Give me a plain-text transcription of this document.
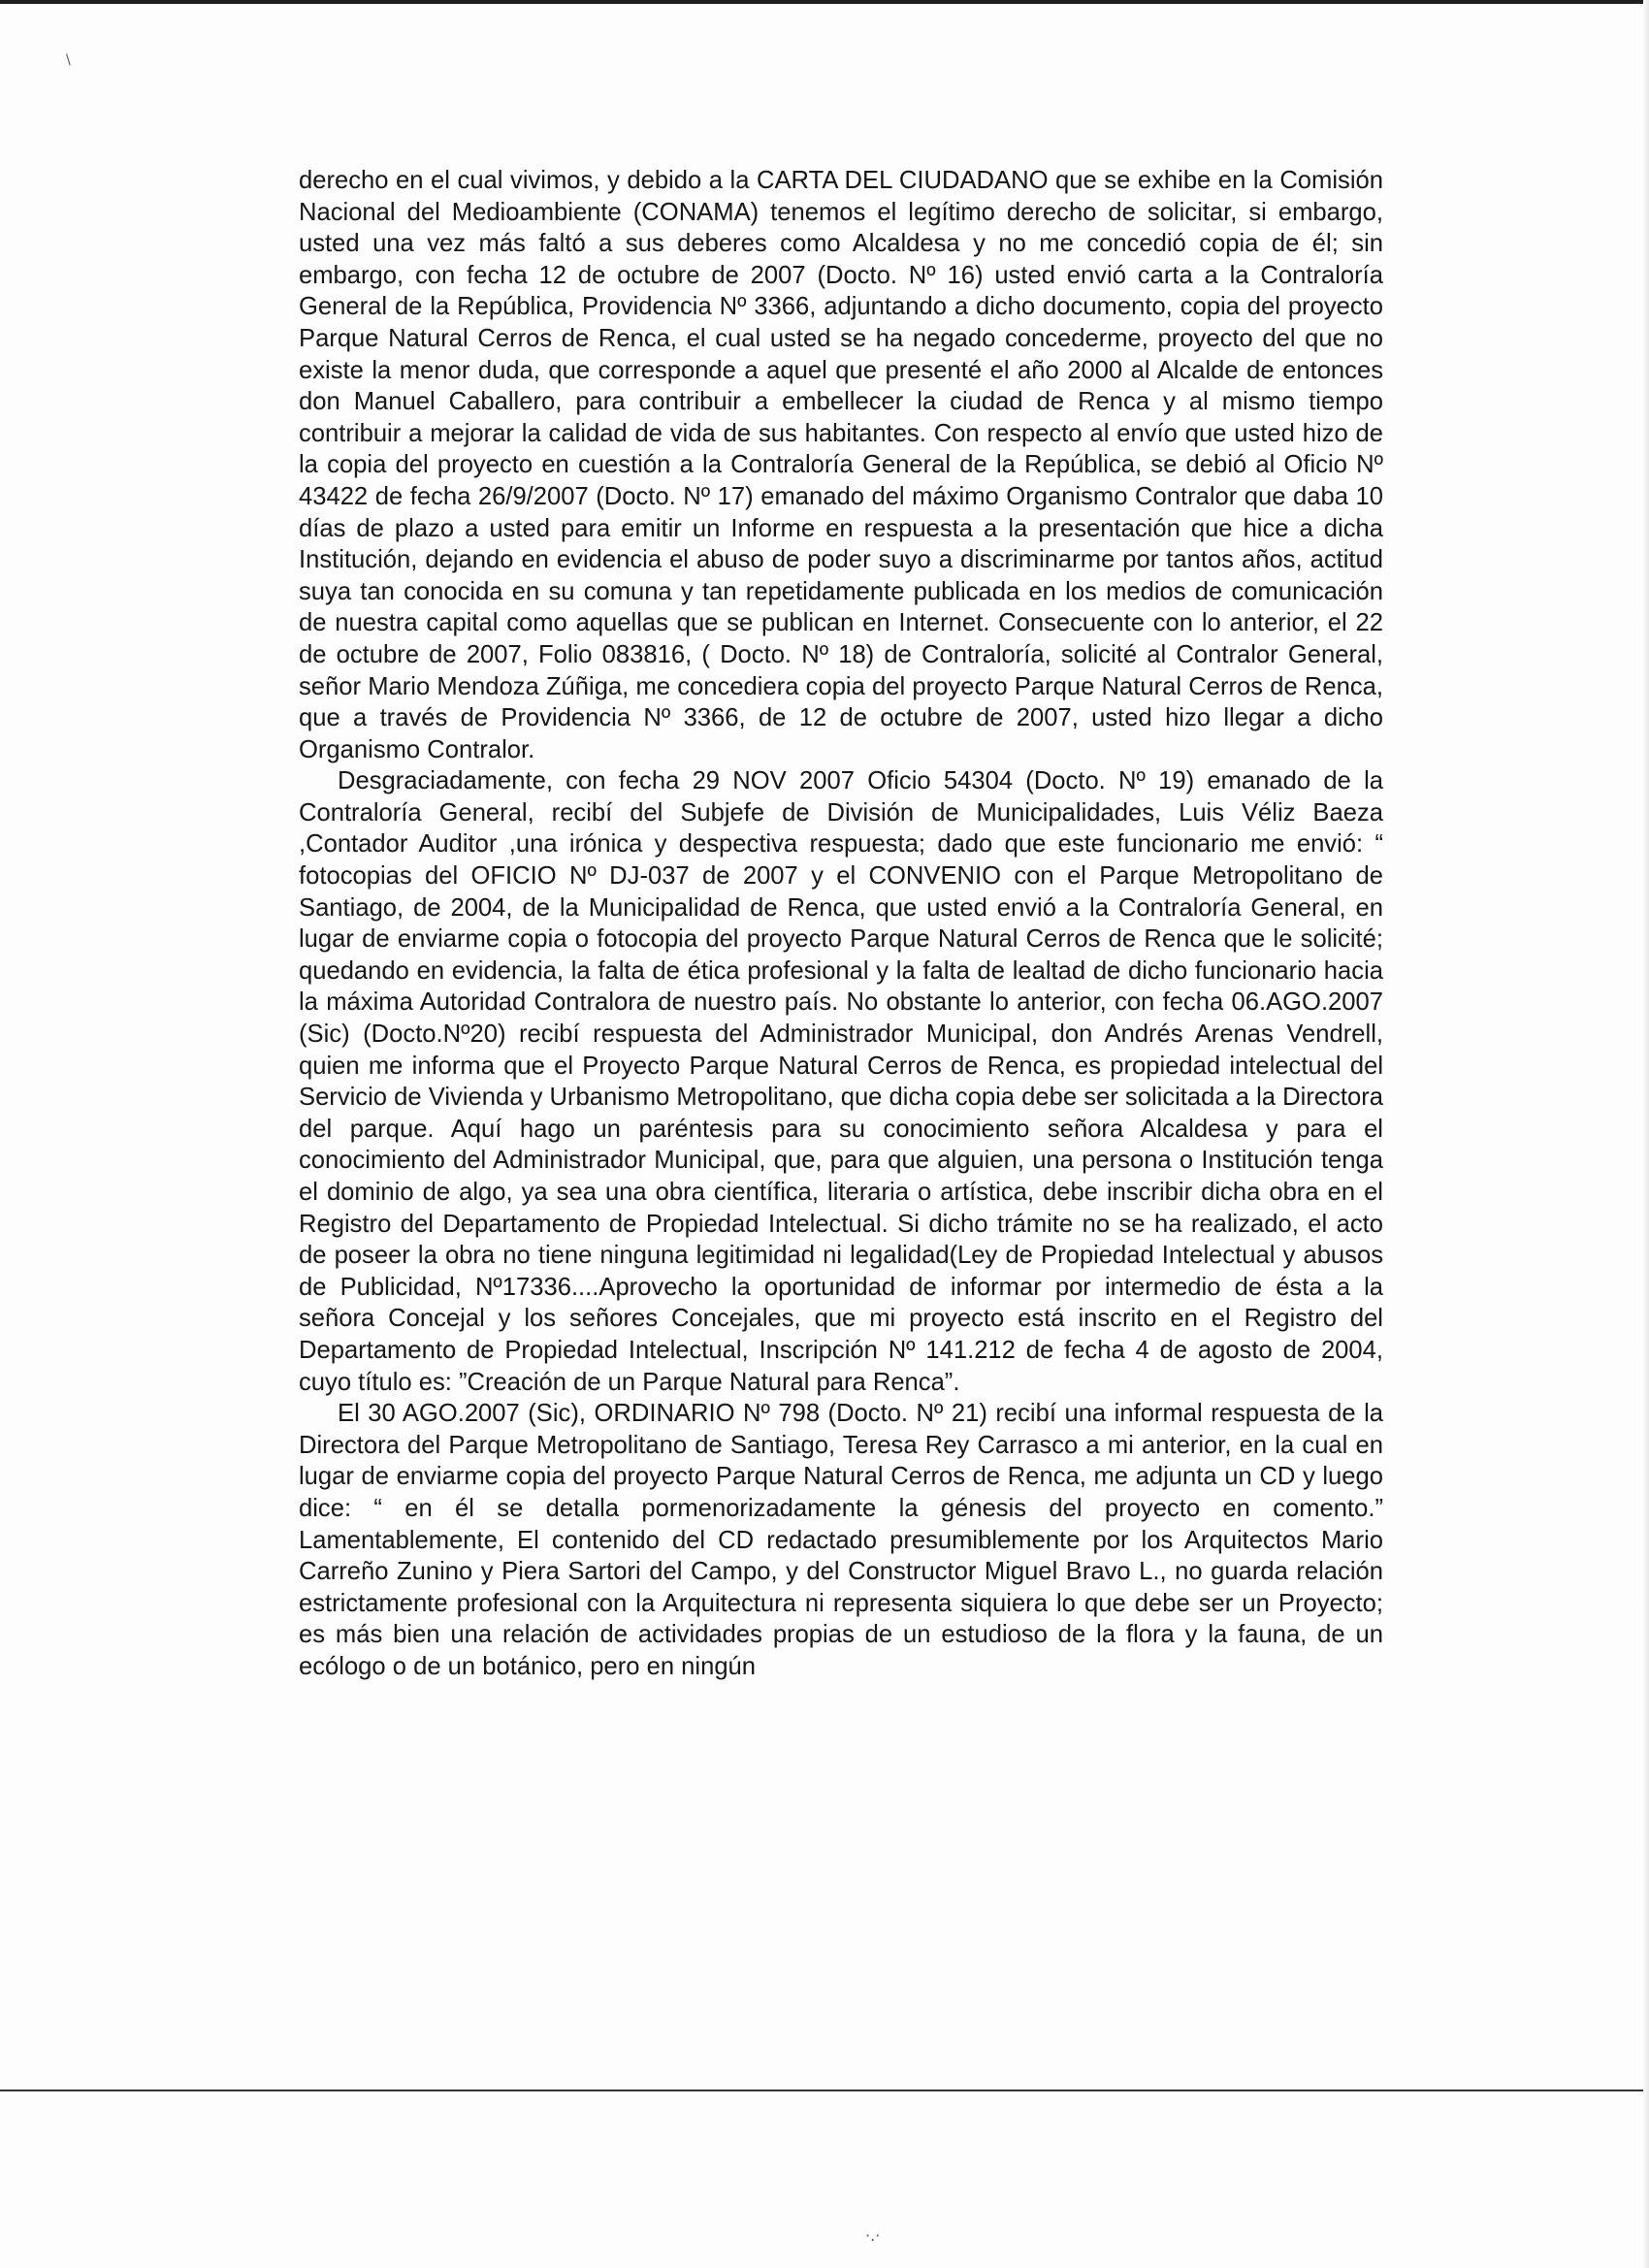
\

derecho en el cual vivimos, y debido a la CARTA DEL CIUDADANO que se exhibe en la Comisión Nacional del Medioambiente (CONAMA) tenemos el legítimo derecho de solicitar, si embargo, usted una vez más faltó a sus deberes como Alcaldesa y no me concedió copia de él; sin embargo, con fecha 12 de octubre de 2007 (Docto. Nº 16) usted envió carta a la Contraloría General de la República, Providencia Nº 3366, adjuntando a dicho documento, copia del proyecto Parque Natural Cerros de Renca, el cual usted se ha negado concederme, proyecto del que no existe la menor duda, que corresponde a aquel que presenté el año 2000 al Alcalde de entonces don Manuel Caballero, para contribuir a embellecer la ciudad de Renca y al mismo tiempo contribuir a mejorar la calidad de vida de sus habitantes. Con respecto al envío que usted hizo de la copia del proyecto en cuestión a la Contraloría General de la República, se debió al Oficio Nº 43422 de fecha 26/9/2007 (Docto. Nº 17) emanado del máximo Organismo Contralor que daba 10 días de plazo a usted para emitir un Informe en respuesta a la presentación que hice a dicha Institución, dejando en evidencia el abuso de poder suyo a discriminarme por tantos años, actitud suya tan conocida en su comuna y tan repetidamente publicada en los medios de comunicación de nuestra capital como aquellas que se publican en Internet. Consecuente con lo anterior, el 22 de octubre de 2007, Folio 083816, ( Docto. Nº 18) de Contraloría, solicité al Contralor General, señor Mario Mendoza Zúñiga, me concediera copia del proyecto Parque Natural Cerros de Renca, que a través de Providencia Nº 3366, de 12 de octubre de 2007, usted hizo llegar a dicho Organismo Contralor.

Desgraciadamente, con fecha 29 NOV 2007 Oficio 54304 (Docto. Nº 19) emanado de la Contraloría General, recibí del Subjefe de División de Municipalidades, Luis Véliz Baeza ,Contador Auditor ,una irónica y despectiva respuesta; dado que este funcionario me envió: “ fotocopias del OFICIO Nº DJ-037 de 2007 y el CONVENIO con el Parque Metropolitano de Santiago, de 2004, de la Municipalidad de Renca, que usted envió a la Contraloría General, en lugar de enviarme copia o fotocopia del proyecto Parque Natural Cerros de Renca que le solicité; quedando en evidencia, la falta de ética profesional y la falta de lealtad de dicho funcionario hacia la máxima Autoridad Contralora de nuestro país. No obstante lo anterior, con fecha 06.AGO.2007 (Sic) (Docto.Nº20) recibí respuesta del Administrador Municipal, don Andrés Arenas Vendrell, quien me informa que el Proyecto Parque Natural Cerros de Renca, es propiedad intelectual del Servicio de Vivienda y Urbanismo Metropolitano, que dicha copia debe ser solicitada a la Directora del parque. Aquí hago un paréntesis para su conocimiento señora Alcaldesa y para el conocimiento del Administrador Municipal, que, para que alguien, una persona o Institución tenga el dominio de algo, ya sea una obra científica, literaria o artística, debe inscribir dicha obra en el Registro del Departamento de Propiedad Intelectual. Si dicho trámite no se ha realizado, el acto de poseer la obra no tiene ninguna legitimidad ni legalidad(Ley de Propiedad Intelectual y abusos de Publicidad, Nº17336....Aprovecho la oportunidad de informar por intermedio de ésta a la señora Concejal y los señores Concejales, que mi proyecto está inscrito en el Registro del Departamento de Propiedad Intelectual, Inscripción Nº 141.212 de fecha 4 de agosto de 2004, cuyo título es: ”Creación de un Parque Natural para Renca”.

El 30 AGO.2007 (Sic), ORDINARIO Nº 798 (Docto. Nº 21) recibí una informal respuesta de la Directora del Parque Metropolitano de Santiago, Teresa Rey Carrasco a mi anterior, en la cual en lugar de enviarme copia del proyecto Parque Natural Cerros de Renca, me adjunta un CD y luego dice: “ en él se detalla pormenorizadamente la génesis del proyecto en comento.” Lamentablemente, El contenido del CD redactado presumiblemente por los Arquitectos Mario Carreño Zunino y Piera Sartori del Campo, y del Constructor Miguel Bravo L., no guarda relación estrictamente profesional con la Arquitectura ni representa siquiera lo que debe ser un Proyecto; es más bien una relación de actividades propias de un estudioso de la flora y la fauna, de un ecólogo o de un botánico, pero en ningún

·.·
